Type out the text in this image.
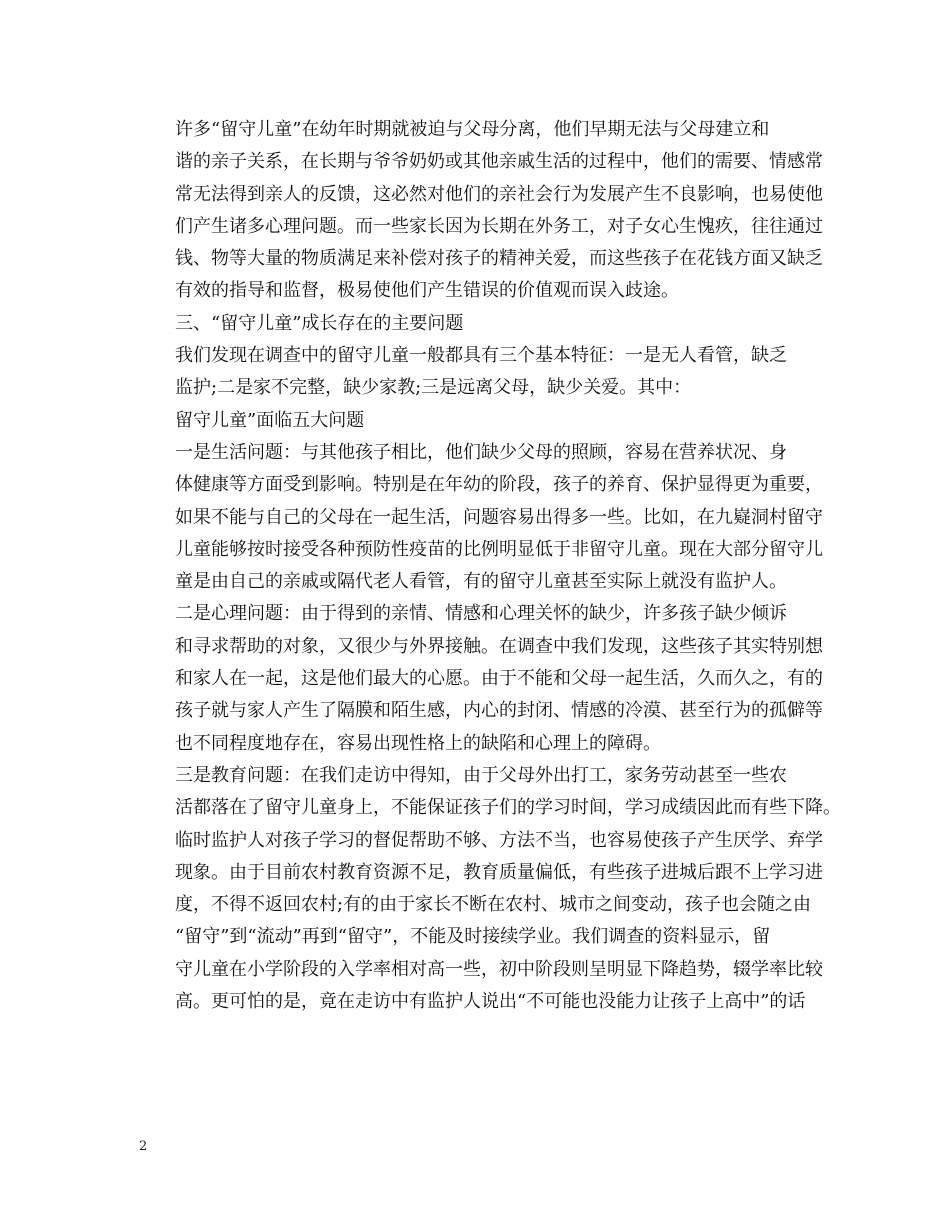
许多“留守儿童”在幼年时期就被迫与父母分离，他们早期无法与父母建立和
谐的亲子关系，在长期与爷爷奶奶或其他亲戚生活的过程中，他们的需要、情感常
常无法得到亲人的反馈，这必然对他们的亲社会行为发展产生不良影响，也易使他
们产生诸多心理问题。而一些家长因为长期在外务工，对子女心生愧疚，往往通过
钱、物等大量的物质满足来补偿对孩子的精神关爱，而这些孩子在花钱方面又缺乏
有效的指导和监督，极易使他们产生错误的价值观而误入歧途。

三、“留守儿童”成长存在的主要问题

我们发现在调查中的留守儿童一般都具有三个基本特征：一是无人看管，缺乏
监护;二是家不完整，缺少家教;三是远离父母，缺少关爱。其中：

留守儿童”面临五大问题

一是生活问题：与其他孩子相比，他们缺少父母的照顾，容易在营养状况、身
体健康等方面受到影响。特别是在年幼的阶段，孩子的养育、保护显得更为重要，
如果不能与自己的父母在一起生活，问题容易出得多一些。比如，在九嶷洞村留守
儿童能够按时接受各种预防性疫苗的比例明显低于非留守儿童。现在大部分留守儿
童是由自己的亲戚或隔代老人看管，有的留守儿童甚至实际上就没有监护人。

二是心理问题：由于得到的亲情、情感和心理关怀的缺少，许多孩子缺少倾诉
和寻求帮助的对象，又很少与外界接触。在调查中我们发现，这些孩子其实特别想
和家人在一起，这是他们最大的心愿。由于不能和父母一起生活，久而久之，有的
孩子就与家人产生了隔膜和陌生感，内心的封闭、情感的冷漠、甚至行为的孤僻等
也不同程度地存在，容易出现性格上的缺陷和心理上的障碍。

三是教育问题：在我们走访中得知，由于父母外出打工，家务劳动甚至一些农
活都落在了留守儿童身上，不能保证孩子们的学习时间，学习成绩因此而有些下降。
临时监护人对孩子学习的督促帮助不够、方法不当，也容易使孩子产生厌学、弃学
现象。由于目前农村教育资源不足，教育质量偏低，有些孩子进城后跟不上学习进
度，不得不返回农村;有的由于家长不断在农村、城市之间变动，孩子也会随之由
“留守”到“流动”再到“留守”，不能及时接续学业。我们调查的资料显示，留
守儿童在小学阶段的入学率相对高一些，初中阶段则呈明显下降趋势，辍学率比较
高。更可怕的是，竟在走访中有监护人说出“不可能也没能力让孩子上高中”的话

2
